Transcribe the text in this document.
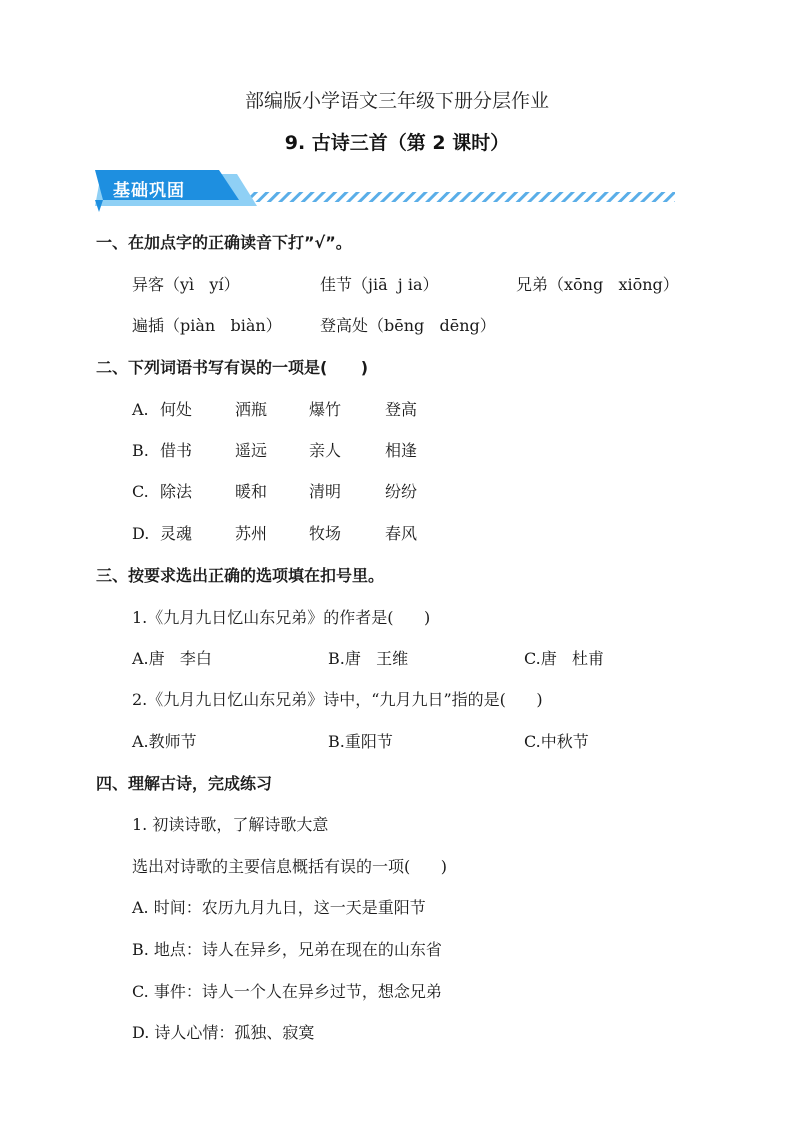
部编版小学语文三年级下册分层作业
9. 古诗三首（第 2 课时）
基础巩固
一、在加点字的正确读音下打”√”。
异客（yì   yí）	佳节（jiā  j ia）	兄弟（xōng   xiōng）
遍插（piàn   biàn） 登高处（bēng   dēng）
二、下列词语书写有误的一项是(      )
A. 何处	洒瓶	爆竹	登高
B. 借书	遥远	亲人	相逢
C. 除法	暖和	清明	纷纷
D. 灵魂	苏州	牧场	春风
三、按要求选出正确的选项填在扣号里。
1.《九月九日忆山东兄弟》的作者是(      )
A.唐   李白	B.唐   王维	C.唐   杜甫
2.《九月九日忆山东兄弟》诗中，“九月九日”指的是(      )
A.教师节	B.重阳节	C.中秋节
四、理解古诗，完成练习
1. 初读诗歌，了解诗歌大意
选出对诗歌的主要信息概括有误的一项(      )
A. 时间：农历九月九日，这一天是重阳节
B. 地点：诗人在异乡，兄弟在现在的山东省
C. 事件：诗人一个人在异乡过节，想念兄弟
D. 诗人心情：孤独、寂寞
